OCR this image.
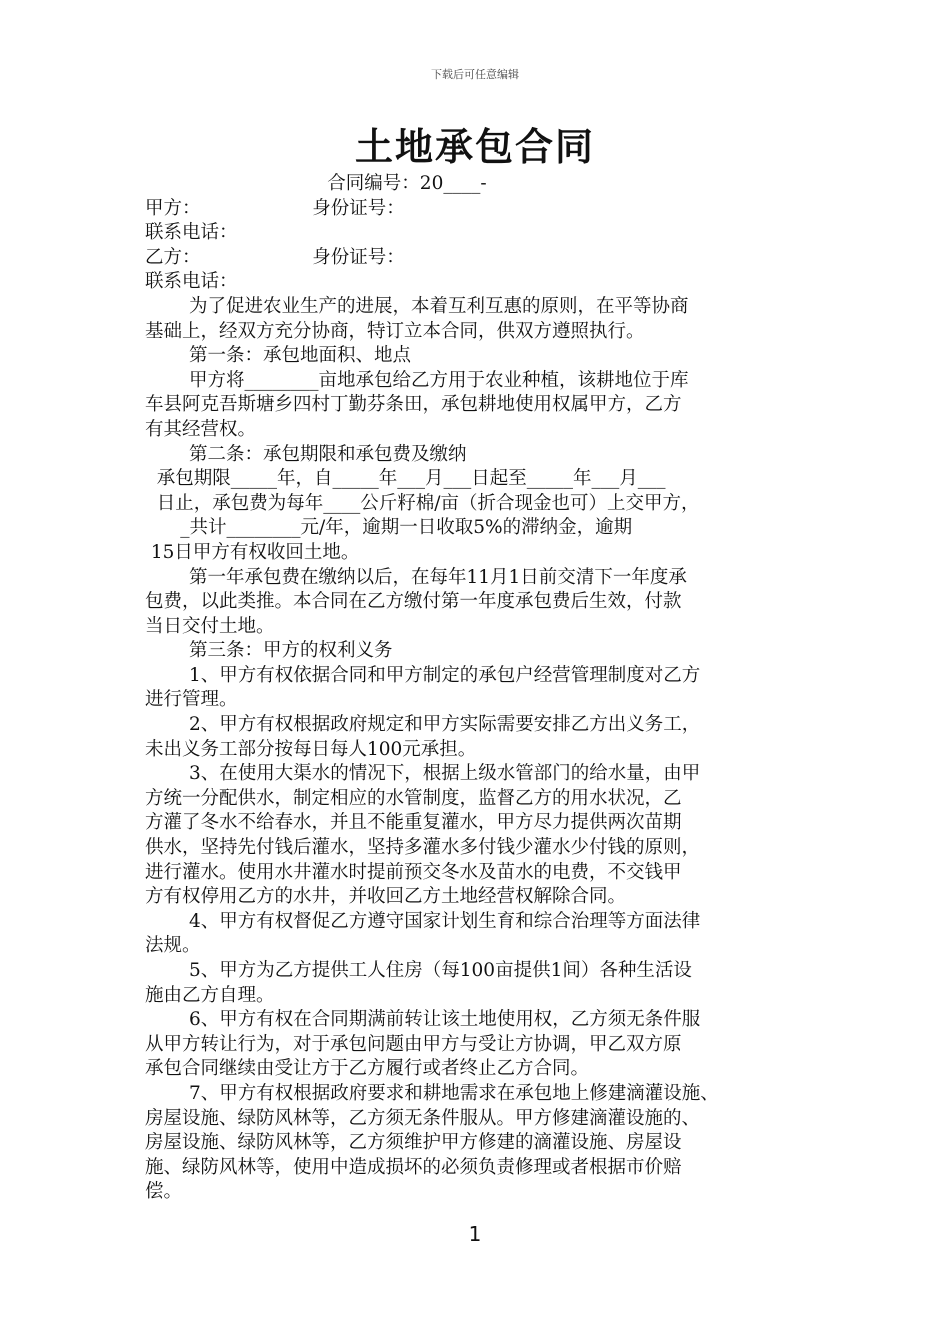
下载后可任意编辑
土地承包合同
合同编号：20____-
甲方：                   身份证号：
联系电话：
乙方：                   身份证号：
联系电话：
为了促进农业生产的进展，本着互利互惠的原则，在平等协商
基础上，经双方充分协商，特订立本合同，供双方遵照执行。
第一条：承包地面积、地点
甲方将________亩地承包给乙方用于农业种植，该耕地位于库
车县阿克吾斯塘乡四村丁勤芬条田，承包耕地使用权属甲方，乙方
有其经营权。
第二条：承包期限和承包费及缴纳
承包期限_____年，自_____年___月___日起至_____年___月___
日止，承包费为每年____公斤籽棉/亩（折合现金也可）上交甲方，
_共计________元/年，逾期一日收取5%的滞纳金，逾期
15日甲方有权收回土地。
第一年承包费在缴纳以后，在每年11月1日前交清下一年度承
包费，以此类推。本合同在乙方缴付第一年度承包费后生效，付款
当日交付土地。
第三条：甲方的权利义务
1、甲方有权依据合同和甲方制定的承包户经营管理制度对乙方
进行管理。
2、甲方有权根据政府规定和甲方实际需要安排乙方出义务工，
未出义务工部分按每日每人100元承担。
3、在使用大渠水的情况下，根据上级水管部门的给水量，由甲
方统一分配供水，制定相应的水管制度，监督乙方的用水状况，乙
方灌了冬水不给春水，并且不能重复灌水，甲方尽力提供两次苗期
供水，坚持先付钱后灌水，坚持多灌水多付钱少灌水少付钱的原则，
进行灌水。使用水井灌水时提前预交冬水及苗水的电费，不交钱甲
方有权停用乙方的水井，并收回乙方土地经营权解除合同。
4、甲方有权督促乙方遵守国家计划生育和综合治理等方面法律
法规。
5、甲方为乙方提供工人住房（每100亩提供1间）各种生活设
施由乙方自理。
6、甲方有权在合同期满前转让该土地使用权，乙方须无条件服
从甲方转让行为，对于承包问题由甲方与受让方协调，甲乙双方原
承包合同继续由受让方于乙方履行或者终止乙方合同。
7、甲方有权根据政府要求和耕地需求在承包地上修建滴灌设施、
房屋设施、绿防风林等，乙方须无条件服从。甲方修建滴灌设施的、
房屋设施、绿防风林等，乙方须维护甲方修建的滴灌设施、房屋设
施、绿防风林等，使用中造成损坏的必须负责修理或者根据市价赔
偿。
1
